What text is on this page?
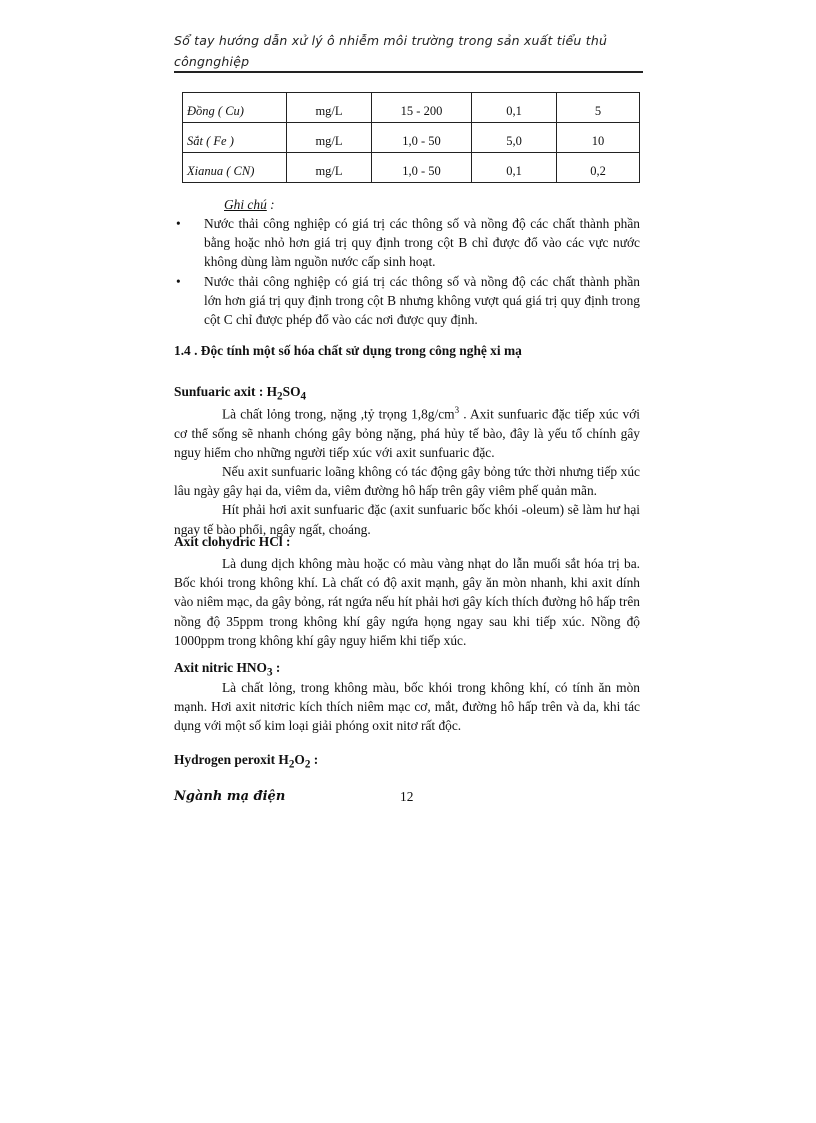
Sổ tay hướng dẫn xử lý ô nhiễm môi trường trong sản xuất tiểu thủ
côngnghiệp
Đồng ( Cu)	mg/L	15 - 200	0,1	5
Sắt ( Fe )	mg/L	1,0 - 50	5,0	10
Xianua ( CN)	mg/L	1,0 - 50	0,1	0,2
Ghi chú :
• Nước thải công nghiệp có giá trị các thông số và nồng độ các chất thành phần bằng hoặc nhỏ hơn giá trị quy định trong cột B chỉ được đổ vào các vực nước không dùng làm nguồn nước cấp sinh hoạt.
• Nước thải công nghiệp có giá trị các thông số và nồng độ các chất thành phần lớn hơn giá trị quy định trong cột B nhưng không vượt quá giá trị quy định trong cột C chỉ được phép đổ vào các nơi được quy định.
1.4 . Độc tính một số hóa chất sử dụng trong công nghệ xi mạ
Sunfuaric axit : $H_2SO_4$

Là chất lỏng trong, nặng ,tỷ trọng $1,8g/cm^3$ . Axit sunfuaric đặc tiếp xúc với cơ thể sống sẽ nhanh chóng gây bỏng nặng, phá hủy tế bào, đây là yếu tố chính gây nguy hiểm cho những người tiếp xúc với axit sunfuaric đặc.

Nếu axit sunfuaric loãng không có tác động gây bỏng tức thời nhưng tiếp xúc lâu ngày gây hại da, viêm da, viêm đường hô hấp trên gây viêm phế quản mãn.

Hít phải hơi axit sunfuaric đặc (axit sunfuaric bốc khói -oleum) sẽ làm hư hại ngay tế bào phổi, ngây ngất, choáng.

Axit clohydric HCl :

Là dung dịch không màu hoặc có màu vàng nhạt do lẫn muối sắt hóa trị ba. Bốc khói trong không khí. Là chất có độ axit mạnh, gây ăn mòn nhanh, khi axit dính vào niêm mạc, da gây bỏng, rát ngứa nếu hít phải hơi gây kích thích đường hô hấp trên nồng độ 35ppm trong không khí gây ngứa họng ngay sau khi tiếp xúc. Nồng độ 1000ppm trong không khí gây nguy hiểm khi tiếp xúc.

Axit nitric $HNO_3$ :

Là chất lỏng, trong không màu, bốc khói trong không khí, có tính ăn mòn mạnh. Hơi axit nitơric kích thích niêm mạc cơ, mắt, đường hô hấp trên và da, khi tác dụng với một số kim loại giải phóng oxit nitơ rất độc.

Hydrogen peroxit $H_2O_2$ :
Ngành mạ điện	12
